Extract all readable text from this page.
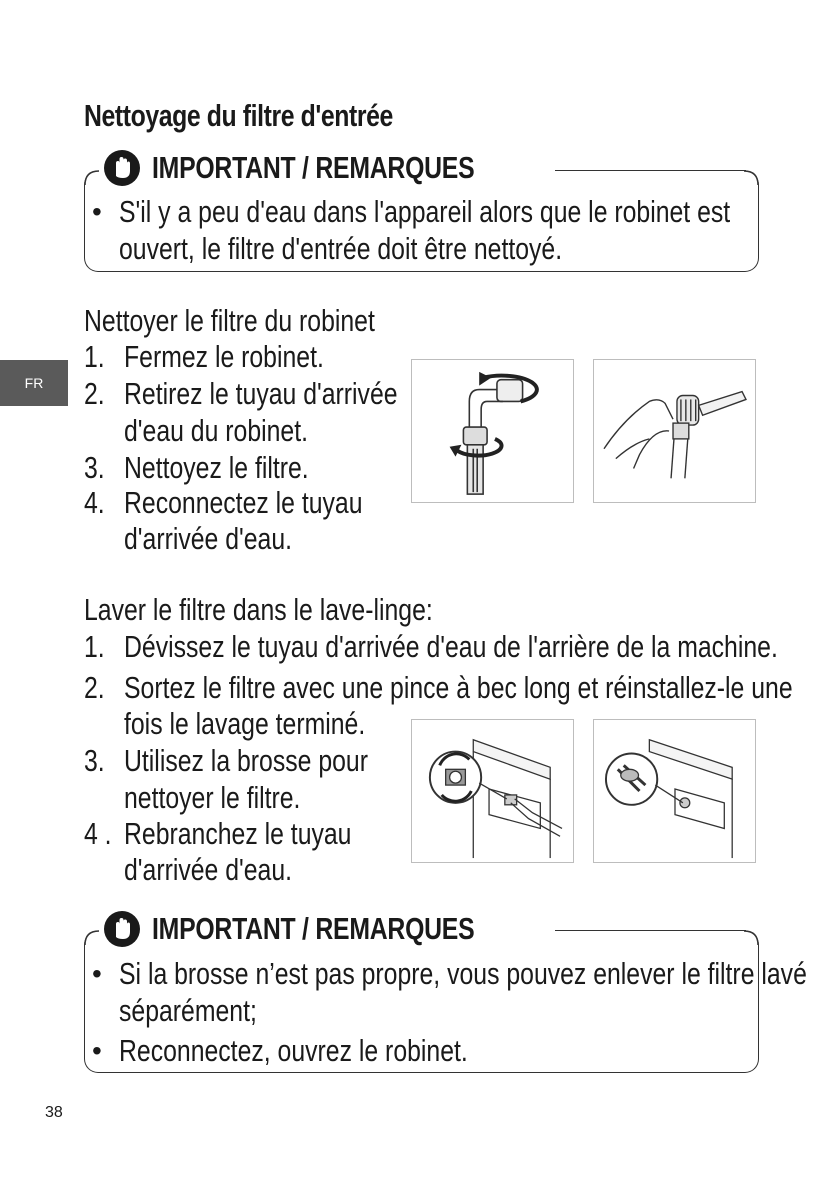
FR
Nettoyage du filtre d'entrée
IMPORTANT / REMARQUES
• S'il y a peu d'eau dans l'appareil alors que le robinet est
ouvert, le filtre d'entrée doit être nettoyé.
Nettoyer le filtre du robinet
1. Fermez le robinet.
2. Retirez le tuyau d'arrivée
d'eau du robinet.
3. Nettoyez le filtre.
4. Reconnectez le tuyau
d'arrivée d'eau.
Laver le filtre dans le lave-linge:
1. Dévissez le tuyau d'arrivée d'eau de l'arrière de la machine.
2. Sortez le filtre avec une pince à bec long et réinstallez-le une
fois le lavage terminé.
3. Utilisez la brosse pour
nettoyer le filtre.
4 . Rebranchez le tuyau
d'arrivée d'eau.
IMPORTANT / REMARQUES
• Si la brosse n’est pas propre, vous pouvez enlever le filtre lavé
séparément;
• Reconnectez, ouvrez le robinet.
38
